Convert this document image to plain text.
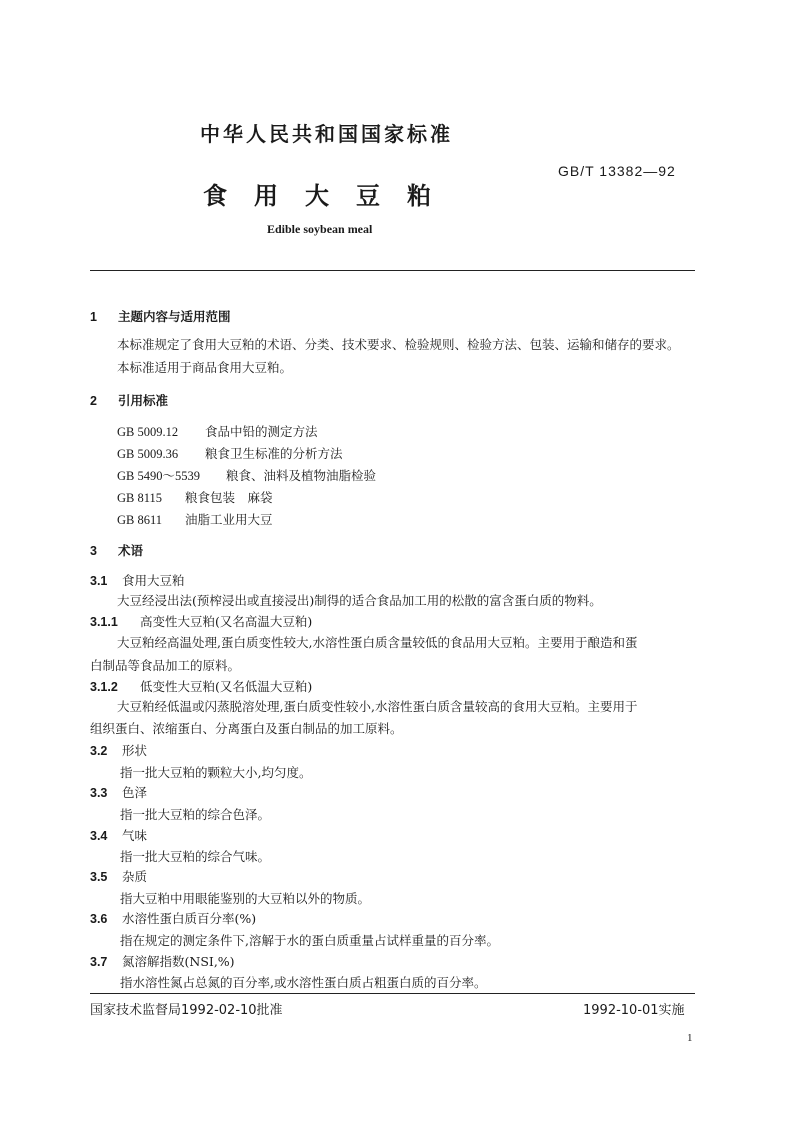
中华人民共和国国家标准
GB/T 13382—92
食用大豆粕
Edible soybean meal
1 主题内容与适用范围
本标准规定了食用大豆粕的术语、分类、技术要求、检验规则、检验方法、包装、运输和储存的要求。
本标准适用于商品食用大豆粕。
2 引用标准
GB 5009.12 食品中铅的测定方法
GB 5009.36 粮食卫生标准的分析方法
GB 5490～5539 粮食、油料及植物油脂检验
GB 8115 粮食包装　麻袋
GB 8611 油脂工业用大豆
3 术语
3.1 食用大豆粕
大豆经浸出法(预榨浸出或直接浸出)制得的适合食品加工用的松散的富含蛋白质的物料。
3.1.1 高变性大豆粕(又名高温大豆粕)
大豆粕经高温处理,蛋白质变性较大,水溶性蛋白质含量较低的食品用大豆粕。主要用于酿造和蛋
白制品等食品加工的原料。
3.1.2 低变性大豆粕(又名低温大豆粕)
大豆粕经低温或闪蒸脱溶处理,蛋白质变性较小,水溶性蛋白质含量较高的食用大豆粕。主要用于
组织蛋白、浓缩蛋白、分离蛋白及蛋白制品的加工原料。
3.2 形状
指一批大豆粕的颗粒大小,均匀度。
3.3 色泽
指一批大豆粕的综合色泽。
3.4 气味
指一批大豆粕的综合气味。
3.5 杂质
指大豆粕中用眼能鉴别的大豆粕以外的物质。
3.6 水溶性蛋白质百分率(%)
指在规定的测定条件下,溶解于水的蛋白质重量占试样重量的百分率。
3.7 氮溶解指数(NSI,%)
指水溶性氮占总氮的百分率,或水溶性蛋白质占粗蛋白质的百分率。
国家技术监督局1992-02-10批准	1992-10-01实施
1
